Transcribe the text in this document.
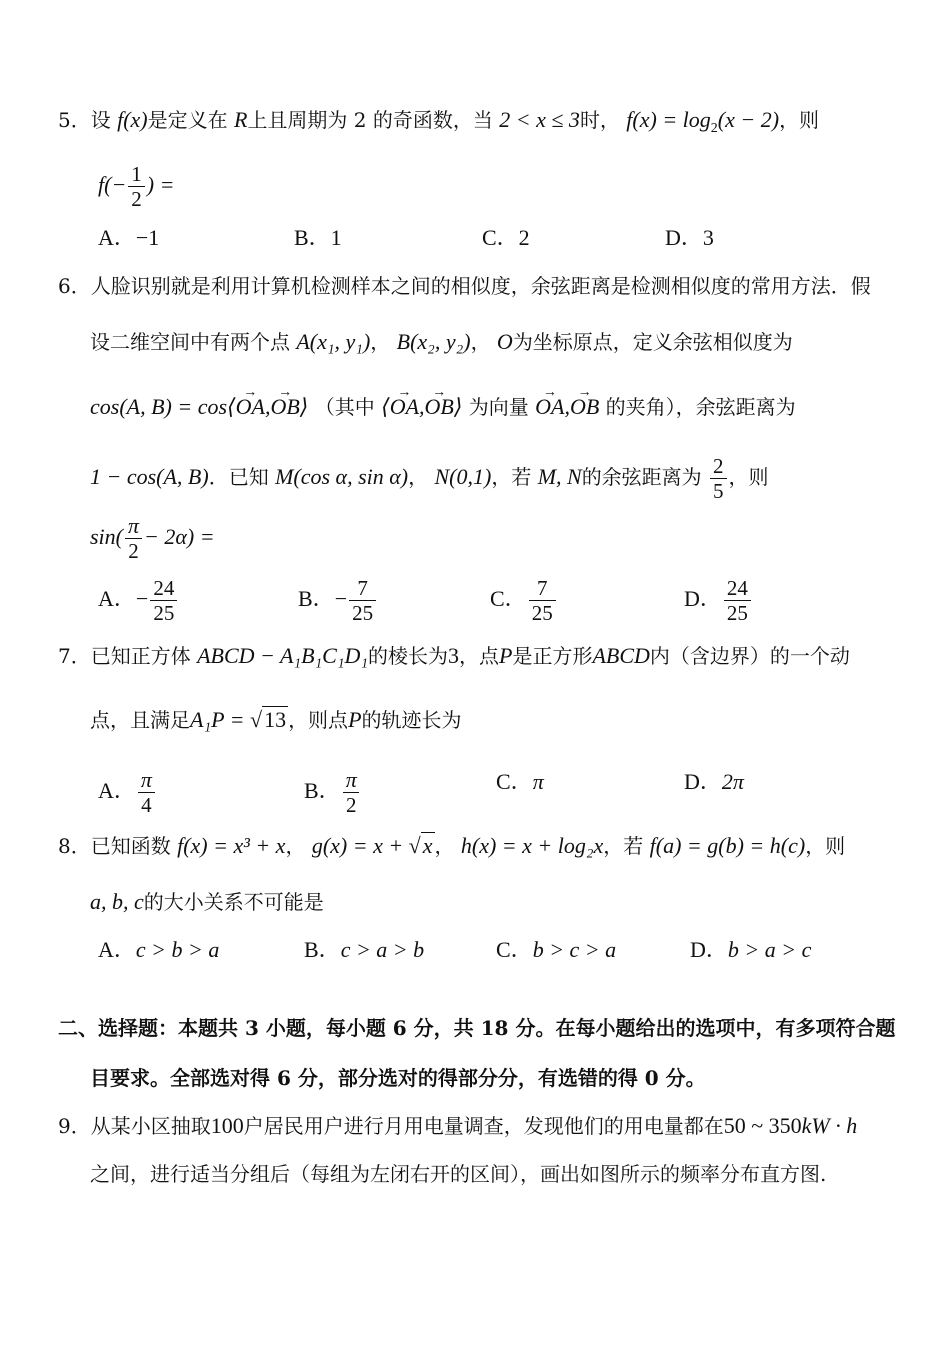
5．设 f(x)是定义在 R上且周期为 2 的奇函数，当 2 < x ≤ 3时， $f(x) = \log_2(x - 2)$，则
$f(- \frac{1}{2}$ ) =
A．−1	B．1	C．2	D．3
6．人脸识别就是利用计算机检测样本之间的相似度，余弦距离是检测相似度的常用方法．假
设二维空间中有两个点 A(x₁, y₁)， B(x₂, y₂)， O为坐标原点，定义余弦相似度为
cos(A, B) = cos⟨→ OA,→ OB⟩ （其中 ⟨→ OA,→ OB⟩ 为向量 → OA,→ OB 的夹角），余弦距离为
1 − cos(A, B)．已知 M(cos α, sin α)， N(0,1)，若 M, N的余弦距离为 $\frac{2}{5}$ ，则
$\sin( \frac{\pi}{2} - 2\alpha)$ =
A．− $\frac{24}{25}$	B．− $\frac{7}{25}$	C． $\frac{7}{25}$	D． $\frac{24}{25}$
7．已知正方体 ABCD − A₁B₁C₁D₁的棱长为3，点P是正方形ABCD内（含边界）的一个动
点，且满足A₁P = √13 ，则点P的轨迹长为
A． $\frac{\pi}{4}$	B． $\frac{\pi}{2}$	C．π	D．2π
8．已知函数 f(x) = x³ + x， g(x) = x + √x ， h(x) = x + log₂x，若 f(a) = g(b) = h(c)，则
a, b, c的大小关系不可能是
A．c > b > a	B．c > a > b	C．b > c > a	D．b > a > c
二、选择题：本题共 3 小题，每小题 6 分，共 18 分。在每小题给出的选项中，有多项符合题
目要求。全部选对得 6 分，部分选对的得部分分，有选错的得 0 分。
9．从某小区抽取100户居民用户进行月用电量调查，发现他们的用电量都在50 ~ 350kW · h
之间，进行适当分组后（每组为左闭右开的区间），画出如图所示的频率分布直方图.
